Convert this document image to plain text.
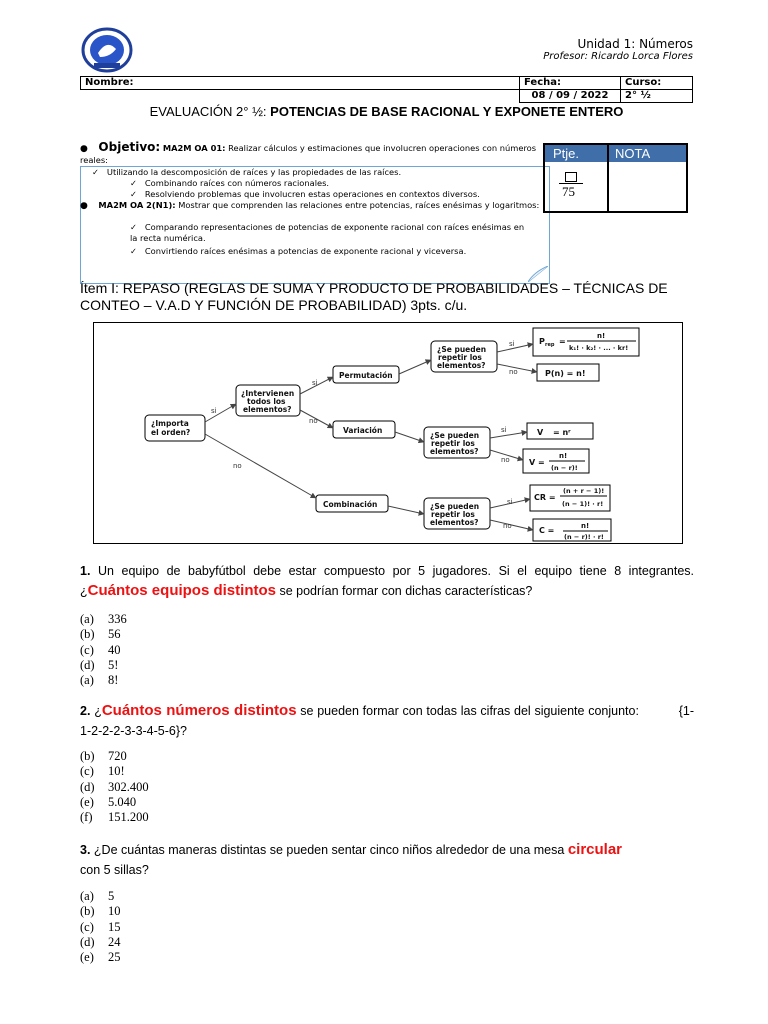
Unidad 1: Números
Profesor: Ricardo Lorca Flores
Nombre:	Fecha:	Curso:
	08 / 09 / 2022	2° ½
EVALUACIÓN 2° ½: POTENCIAS DE BASE RACIONAL Y EXPONETE ENTERO
● Objetivo: MA2M OA 01: Realizar cálculos y estimaciones que involucren operaciones con números reales:
✓   Utilizando la descomposición de raíces y las propiedades de las raíces.
✓   Combinando raíces con números racionales.
✓   Resolviendo problemas que involucren estas operaciones en contextos diversos.
● MA2M OA 2(N1): Mostrar que comprenden las relaciones entre potencias, raíces enésimas y logaritmos:
✓   Comparando representaciones de potencias de exponente racional con raíces enésimas en la recta numérica.
✓   Convirtiendo raíces enésimas a potencias de exponente racional y viceversa.
Ptje.	NOTA
75
Ítem I: REPASO (REGLAS DE SUMA Y PRODUCTO DE PROBABILIDADES – TÉCNICAS DE CONTEO – V.A.D Y FUNCIÓN DE PROBABILIDAD) 3pts. c/u.
¿Importa
el orden?
¿Intervienen
todos los
elementos?
Permutación
Variación
Combinación
¿Se pueden
repetir los
elementos?
¿Se pueden
repetir los
elementos?
¿Se pueden
repetir los
elementos?
P rep =
n!
k₁! · k₂! · ... · kr!
P(n) = n!
V = nʳ
V =
n!
(n − r)!
CR =
(n + r − 1)!
(n − 1)! · r!
C =	n!
(n − r)! · r!
si
no
si
no
si
no
si
no
si
no
1. Un equipo de babyfútbol debe estar compuesto por 5 jugadores. Si el equipo tiene 8 integrantes. ¿Cuántos equipos distintos se podrían formar con dichas características?
(a) 336
(b) 56
(c) 40
(d) 5!
(a) 8!
2. ¿Cuántos números distintos se pueden formar con todas las cifras del siguiente conjunto:	{1-1-2-2-2-3-3-4-5-6}?
(b) 720
(c) 10!
(d) 302.400
(e) 5.040
(f) 151.200
3. ¿De cuántas maneras distintas se pueden sentar cinco niños alrededor de una mesa circular
con 5 sillas?
(a) 5
(b) 10
(c) 15
(d) 24
(e) 25
